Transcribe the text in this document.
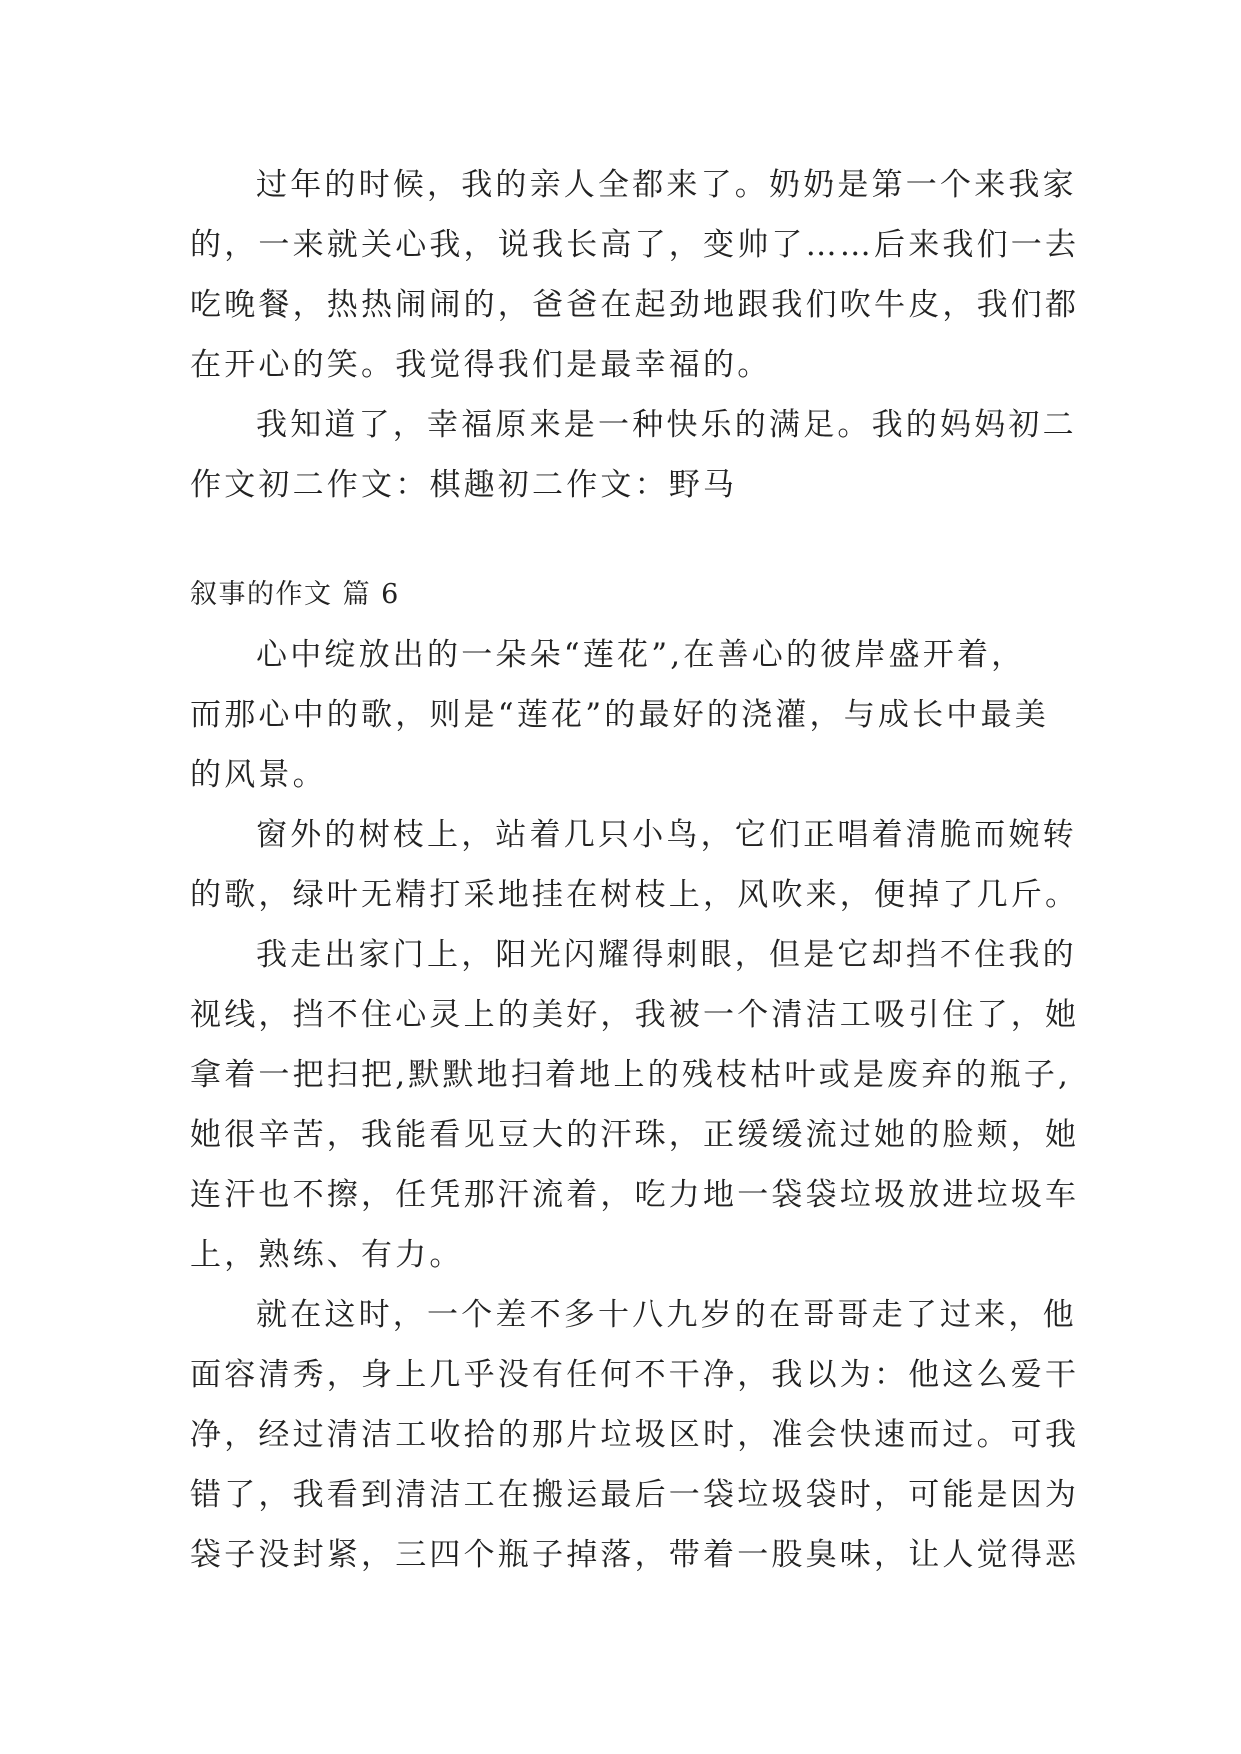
过年的时候，我的亲人全都来了。奶奶是第一个来我家
的，一来就关心我，说我长高了，变帅了……后来我们一去
吃晚餐，热热闹闹的，爸爸在起劲地跟我们吹牛皮，我们都
在开心的笑。我觉得我们是最幸福的。
我知道了，幸福原来是一种快乐的满足。我的妈妈初二
作文初二作文：棋趣初二作文：野马
叙事的作文 篇 6
心中绽放出的一朵朵“莲花”,在善心的彼岸盛开着，
而那心中的歌，则是“莲花”的最好的浇灌，与成长中最美
的风景。
窗外的树枝上，站着几只小鸟，它们正唱着清脆而婉转
的歌，绿叶无精打采地挂在树枝上，风吹来，便掉了几斤。
我走出家门上，阳光闪耀得刺眼，但是它却挡不住我的
视线，挡不住心灵上的美好，我被一个清洁工吸引住了，她
拿着一把扫把,默默地扫着地上的残枝枯叶或是废弃的瓶子,
她很辛苦，我能看见豆大的汗珠，正缓缓流过她的脸颊，她
连汗也不擦，任凭那汗流着，吃力地一袋袋垃圾放进垃圾车
上，熟练、有力。
就在这时，一个差不多十八九岁的在哥哥走了过来，他
面容清秀，身上几乎没有任何不干净，我以为：他这么爱干
净，经过清洁工收拾的那片垃圾区时，准会快速而过。可我
错了，我看到清洁工在搬运最后一袋垃圾袋时，可能是因为
袋子没封紧，三四个瓶子掉落，带着一股臭味，让人觉得恶
